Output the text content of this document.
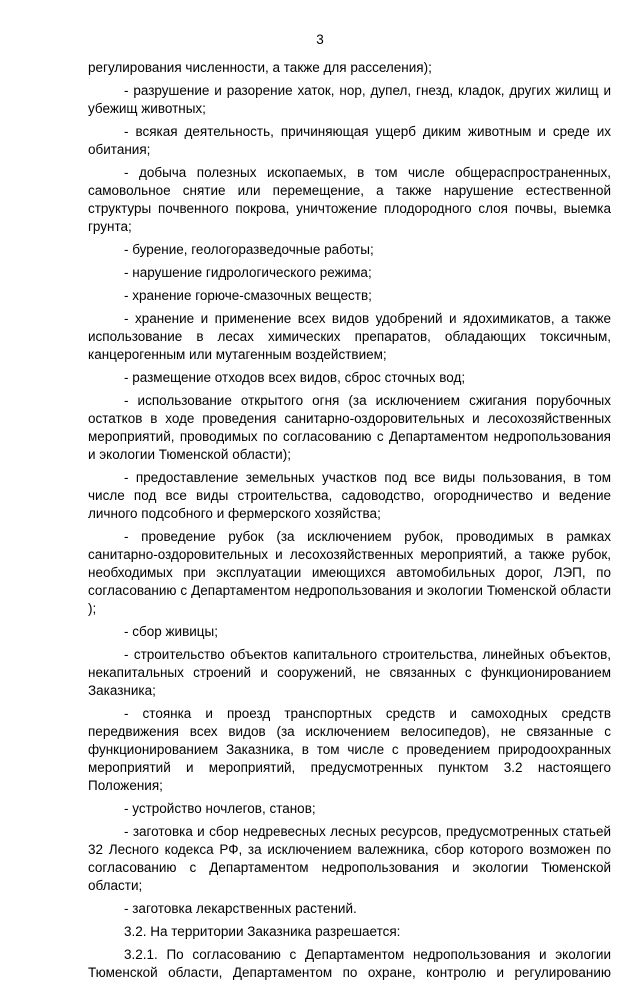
3

регулирования численности, а также для расселения);

- разрушение и разорение хаток, нор, дупел, гнезд, кладок, других жилищ и убежищ животных;

- всякая деятельность, причиняющая ущерб диким животным и среде их обитания;

- добыча полезных ископаемых, в том числе общераспространенных, самовольное снятие или перемещение, а также нарушение естественной структуры почвенного покрова, уничтожение плодородного слоя почвы, выемка грунта;

- бурение, геологоразведочные работы;

- нарушение гидрологического режима;

- хранение горюче-смазочных веществ;

- хранение и применение всех видов удобрений и ядохимикатов, а также использование в лесах химических препаратов, обладающих токсичным, канцерогенным или мутагенным воздействием;

- размещение отходов всех видов, сброс сточных вод;

- использование открытого огня (за исключением сжигания порубочных остатков в ходе проведения санитарно-оздоровительных и лесохозяйственных мероприятий, проводимых по согласованию с Департаментом недропользования и экологии Тюменской области);

- предоставление земельных участков под все виды пользования, в том числе под все виды строительства, садоводство, огородничество и ведение личного подсобного и фермерского хозяйства;

- проведение рубок (за исключением рубок, проводимых в рамках санитарно-оздоровительных и лесохозяйственных мероприятий, а также рубок, необходимых при эксплуатации имеющихся автомобильных дорог, ЛЭП, по согласованию с Департаментом недропользования и экологии Тюменской области );

- сбор живицы;

- строительство объектов капитального строительства, линейных объектов, некапитальных строений и сооружений, не связанных с функционированием Заказника;

- стоянка и проезд транспортных средств и самоходных средств передвижения всех видов (за исключением велосипедов), не связанные с функционированием Заказника, в том числе с проведением природоохранных мероприятий и мероприятий, предусмотренных пунктом 3.2 настоящего Положения;

- устройство ночлегов, станов;

- заготовка и сбор недревесных лесных ресурсов, предусмотренных статьей 32 Лесного кодекса РФ, за исключением валежника, сбор которого возможен по согласованию с Департаментом недропользования и экологии Тюменской области;

- заготовка лекарственных растений.

3.2. На территории Заказника разрешается:

3.2.1. По согласованию с Департаментом недропользования и экологии Тюменской области, Департаментом по охране, контролю и регулированию
